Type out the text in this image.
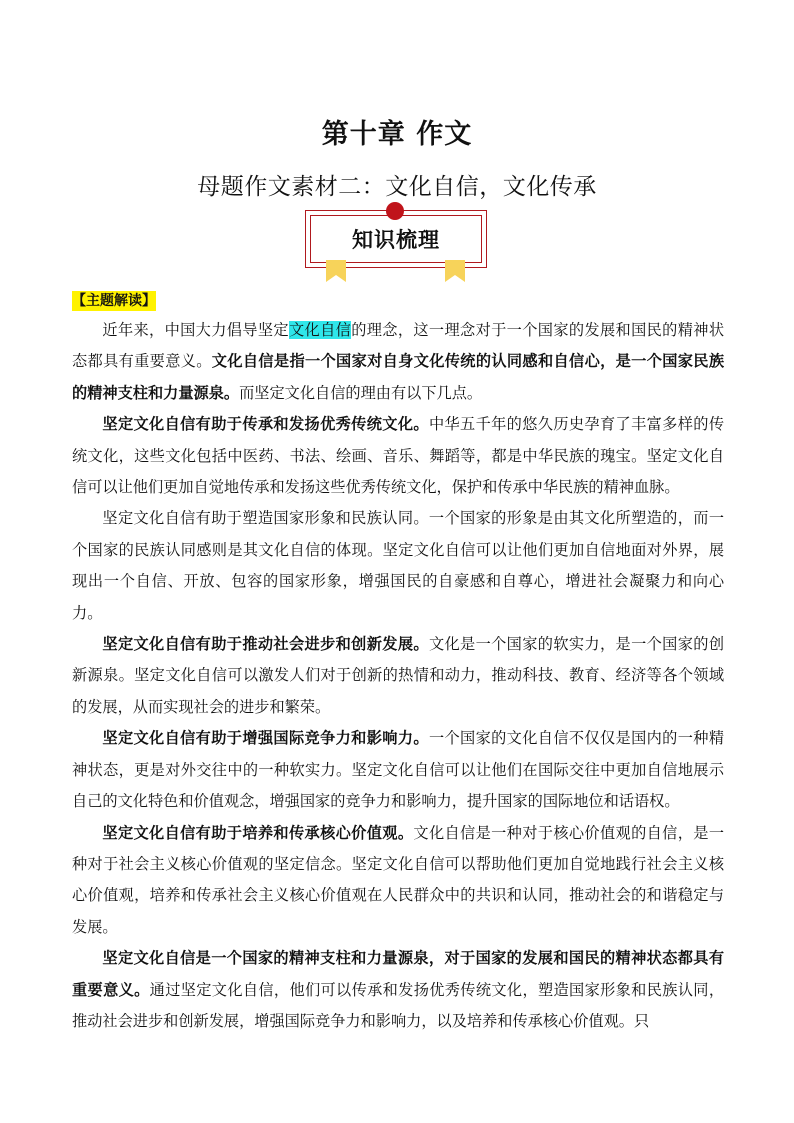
第十章 作文
母题作文素材二：文化自信，文化传承
知识梳理
【主题解读】

近年来，中国大力倡导坚定文化自信的理念，这一理念对于一个国家的发展和国民的精神状态都具有重要意义。文化自信是指一个国家对自身文化传统的认同感和自信心，是一个国家民族的精神支柱和力量源泉。而坚定文化自信的理由有以下几点。

坚定文化自信有助于传承和发扬优秀传统文化。中华五千年的悠久历史孕育了丰富多样的传统文化，这些文化包括中医药、书法、绘画、音乐、舞蹈等，都是中华民族的瑰宝。坚定文化自信可以让他们更加自觉地传承和发扬这些优秀传统文化，保护和传承中华民族的精神血脉。

坚定文化自信有助于塑造国家形象和民族认同。一个国家的形象是由其文化所塑造的，而一个国家的民族认同感则是其文化自信的体现。坚定文化自信可以让他们更加自信地面对外界，展现出一个自信、开放、包容的国家形象，增强国民的自豪感和自尊心，增进社会凝聚力和向心力。

坚定文化自信有助于推动社会进步和创新发展。文化是一个国家的软实力，是一个国家的创新源泉。坚定文化自信可以激发人们对于创新的热情和动力，推动科技、教育、经济等各个领域的发展，从而实现社会的进步和繁荣。

坚定文化自信有助于增强国际竞争力和影响力。一个国家的文化自信不仅仅是国内的一种精神状态，更是对外交往中的一种软实力。坚定文化自信可以让他们在国际交往中更加自信地展示自己的文化特色和价值观念，增强国家的竞争力和影响力，提升国家的国际地位和话语权。

坚定文化自信有助于培养和传承核心价值观。文化自信是一种对于核心价值观的自信，是一种对于社会主义核心价值观的坚定信念。坚定文化自信可以帮助他们更加自觉地践行社会主义核心价值观，培养和传承社会主义核心价值观在人民群众中的共识和认同，推动社会的和谐稳定与发展。

坚定文化自信是一个国家的精神支柱和力量源泉，对于国家的发展和国民的精神状态都具有重要意义。通过坚定文化自信，他们可以传承和发扬优秀传统文化，塑造国家形象和民族认同，推动社会进步和创新发展，增强国际竞争力和影响力，以及培养和传承核心价值观。只
